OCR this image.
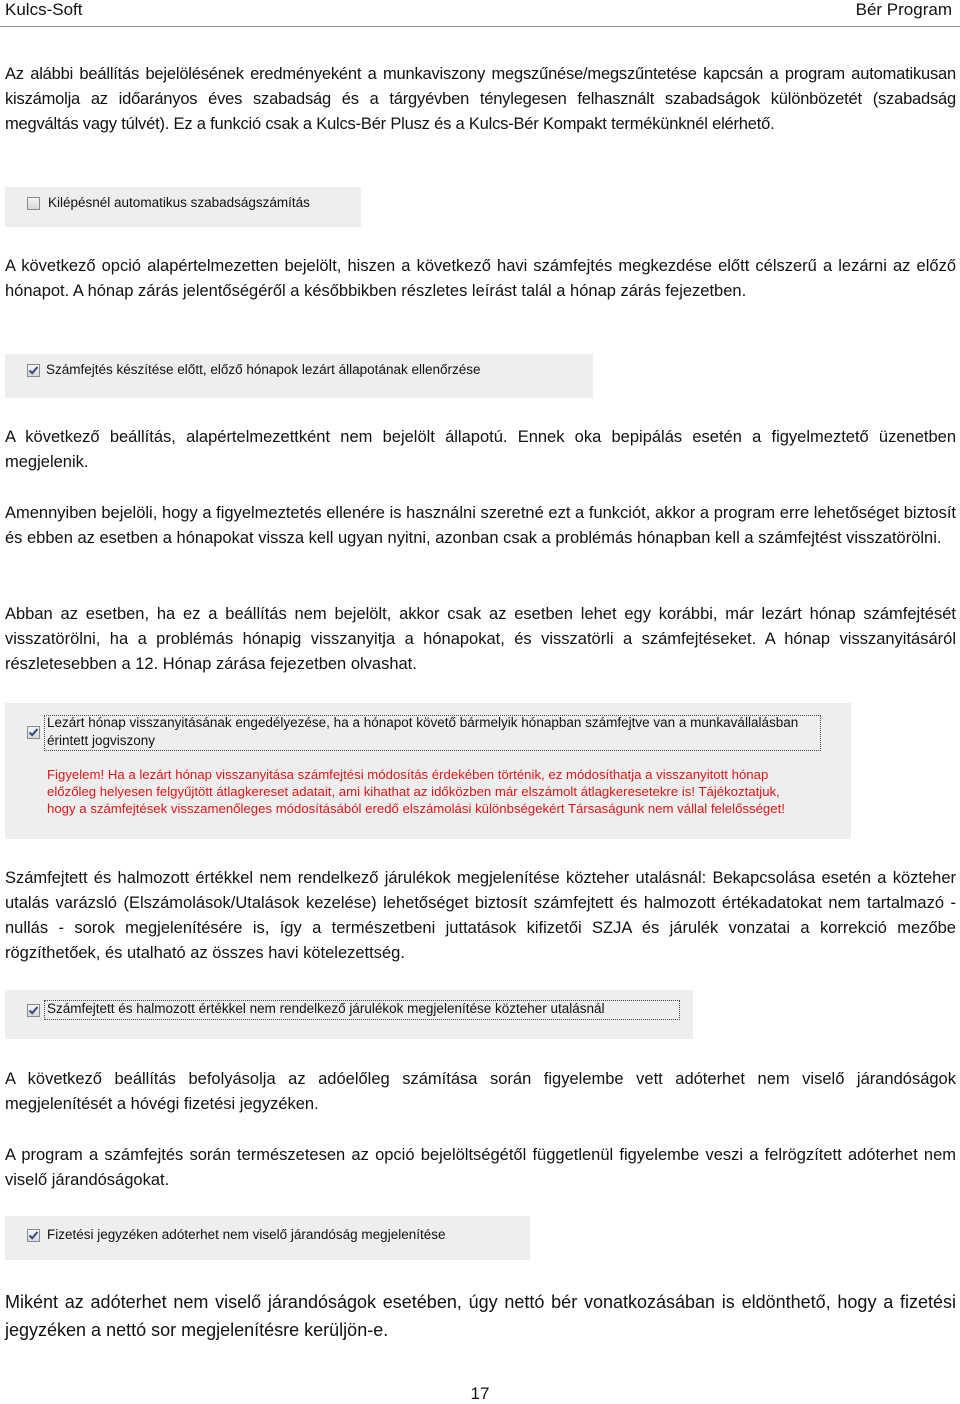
Kulcs-Soft	Bér Program

Az alábbi beállítás bejelölésének eredményeként a munkaviszony megszűnése/megszűntetése kapcsán a program automatikusan kiszámolja az időarányos éves szabadság és a tárgyévben ténylegesen felhasznált szabadságok különbözetét (szabadság megváltás vagy túlvét). Ez a funkció csak a Kulcs-Bér Plusz és a Kulcs-Bér Kompakt termékünknél elérhető.

Kilépésnél automatikus szabadságszámítás

A következő opció alapértelmezetten bejelölt, hiszen a következő havi számfejtés megkezdése előtt célszerű a lezárni az előző hónapot. A hónap zárás jelentőségéről a későbbikben részletes leírást talál a hónap zárás fejezetben.

Számfejtés készítése előtt, előző hónapok lezárt állapotának ellenőrzése

A következő beállítás, alapértelmezettként nem bejelölt állapotú. Ennek oka bepipálás esetén a figyelmeztető üzenetben megjelenik.

Amennyiben bejelöli, hogy a figyelmeztetés ellenére is használni szeretné ezt a funkciót, akkor a program erre lehetőséget biztosít és ebben az esetben a hónapokat vissza kell ugyan nyitni, azonban csak a problémás hónapban kell a számfejtést visszatörölni.

Abban az esetben, ha ez a beállítás nem bejelölt, akkor csak az esetben lehet egy korábbi, már lezárt hónap számfejtését visszatörölni, ha a problémás hónapig visszanyitja a hónapokat, és visszatörli a számfejtéseket. A hónap visszanyitásáról részletesebben a 12. Hónap zárása fejezetben olvashat.

Lezárt hónap visszanyitásának engedélyezése, ha a hónapot követő bármelyik hónapban számfejtve van a munkavállalásban
érintett jogviszony
Figyelem! Ha a lezárt hónap visszanyitása számfejtési módosítás érdekében történik, ez módosíthatja a visszanyitott hónap
előzőleg helyesen felgyűjtött átlagkereset adatait, ami kihathat az időközben már elszámolt átlagkeresetekre is! Tájékoztatjuk,
hogy a számfejtések visszamenőleges módosításából eredő elszámolási különbségekért Társaságunk nem vállal felelősséget!

Számfejtett és halmozott értékkel nem rendelkező járulékok megjelenítése közteher utalásnál: Bekapcsolása esetén a közteher utalás varázsló (Elszámolások/Utalások kezelése) lehetőséget biztosít számfejtett és halmozott értékadatokat nem tartalmazó - nullás - sorok megjelenítésére is, így a természetbeni juttatások kifizetői SZJA és járulék vonzatai a korrekció mezőbe rögzíthetőek, és utalható az összes havi kötelezettség.

Számfejtett és halmozott értékkel nem rendelkező járulékok megjelenítése közteher utalásnál

A következő beállítás befolyásolja az adóelőleg számítása során figyelembe vett adóterhet nem viselő járandóságok megjelenítését a hóvégi fizetési jegyzéken.

A program a számfejtés során természetesen az opció bejelöltségétől függetlenül figyelembe veszi a felrögzített adóterhet nem viselő járandóságokat.

Fizetési jegyzéken adóterhet nem viselő járandóság megjelenítése

Miként az adóterhet nem viselő járandóságok esetében, úgy nettó bér vonatkozásában is eldönthető, hogy a fizetési jegyzéken a nettó sor megjelenítésre kerüljön-e.

17
